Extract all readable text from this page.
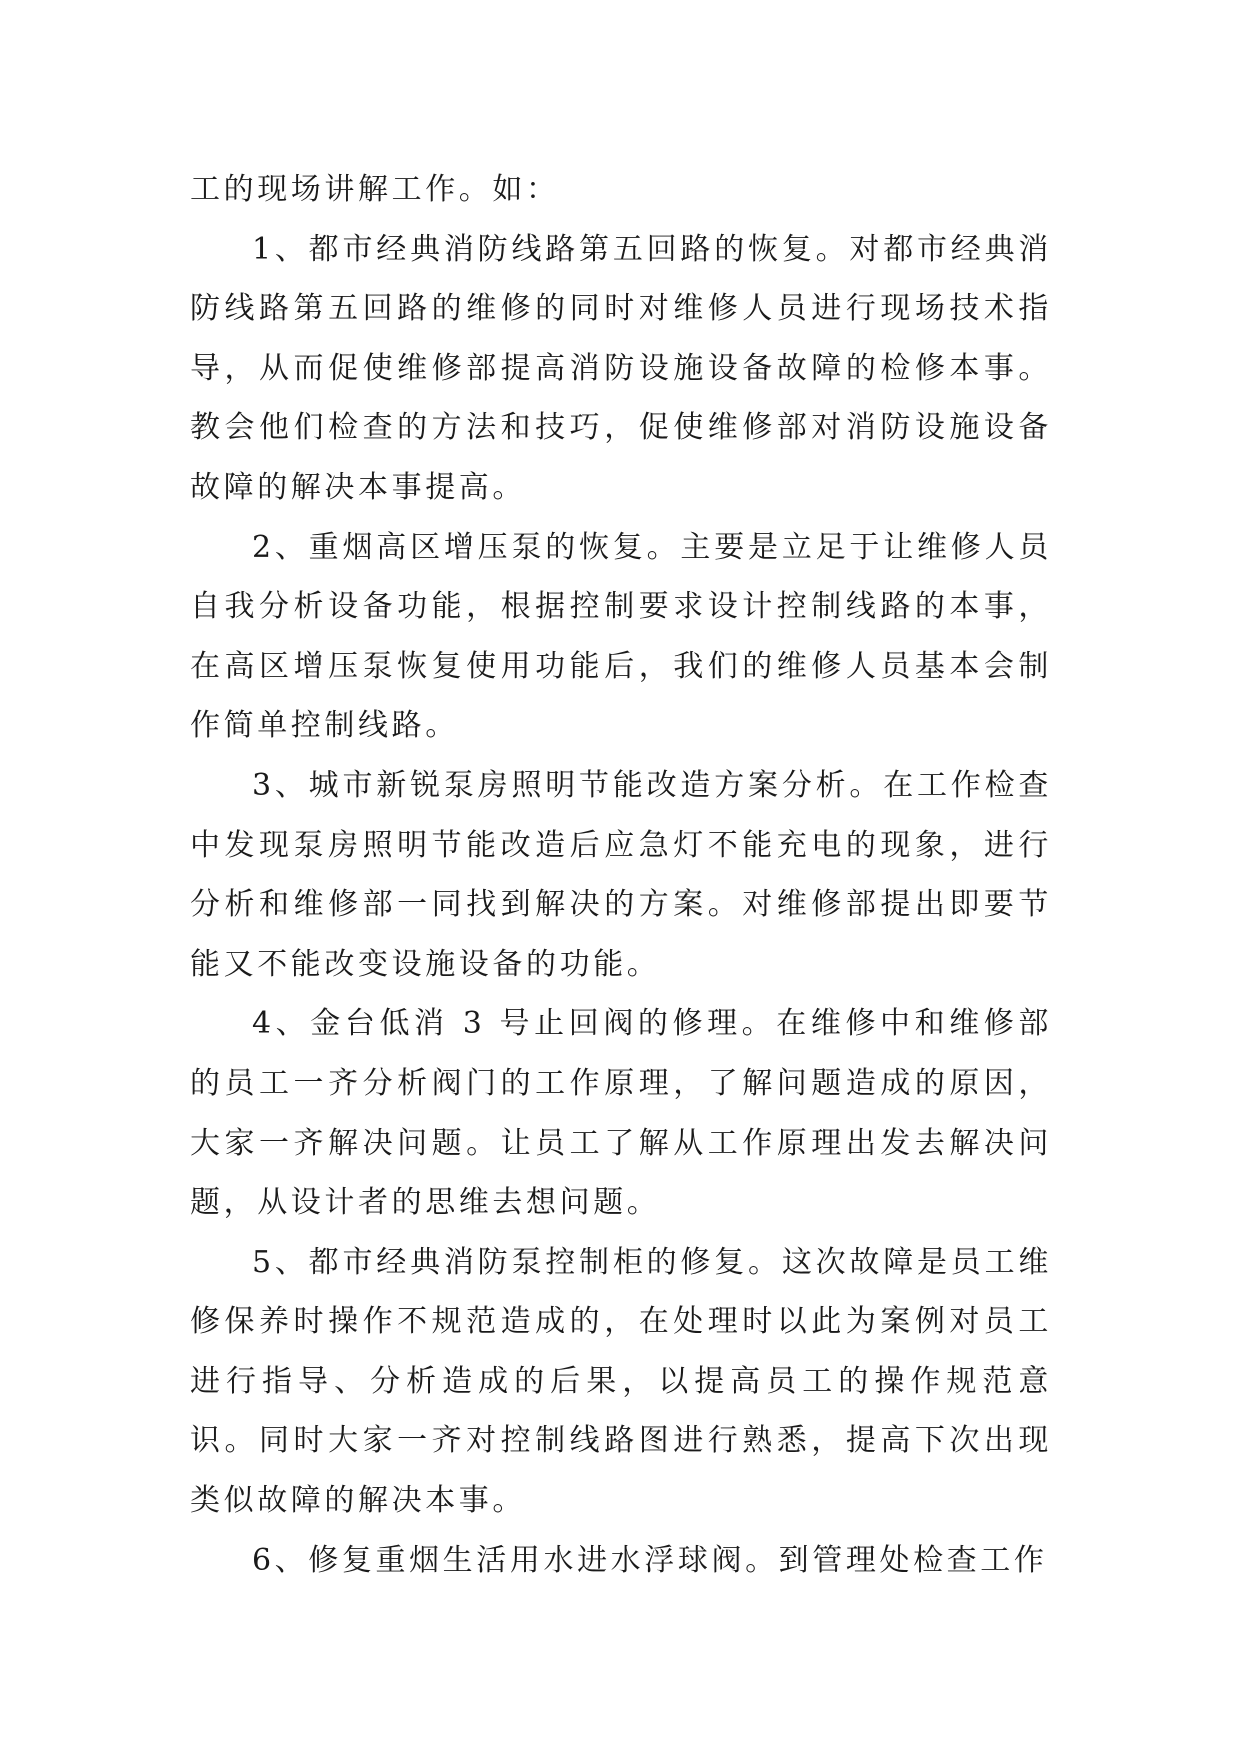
工的现场讲解工作。如：

1、都市经典消防线路第五回路的恢复。对都市经典消防线路第五回路的维修的同时对维修人员进行现场技术指导，从而促使维修部提高消防设施设备故障的检修本事。教会他们检查的方法和技巧，促使维修部对消防设施设备故障的解决本事提高。

2、重烟高区增压泵的恢复。主要是立足于让维修人员自我分析设备功能，根据控制要求设计控制线路的本事，在高区增压泵恢复使用功能后，我们的维修人员基本会制作简单控制线路。

3、城市新锐泵房照明节能改造方案分析。在工作检查中发现泵房照明节能改造后应急灯不能充电的现象，进行分析和维修部一同找到解决的方案。对维修部提出即要节能又不能改变设施设备的功能。

4、金台低消 3 号止回阀的修理。在维修中和维修部的员工一齐分析阀门的工作原理，了解问题造成的原因，大家一齐解决问题。让员工了解从工作原理出发去解决问题，从设计者的思维去想问题。

5、都市经典消防泵控制柜的修复。这次故障是员工维修保养时操作不规范造成的，在处理时以此为案例对员工进行指导、分析造成的后果，以提高员工的操作规范意识。同时大家一齐对控制线路图进行熟悉，提高下次出现类似故障的解决本事。

6、修复重烟生活用水进水浮球阀。到管理处检查工作
